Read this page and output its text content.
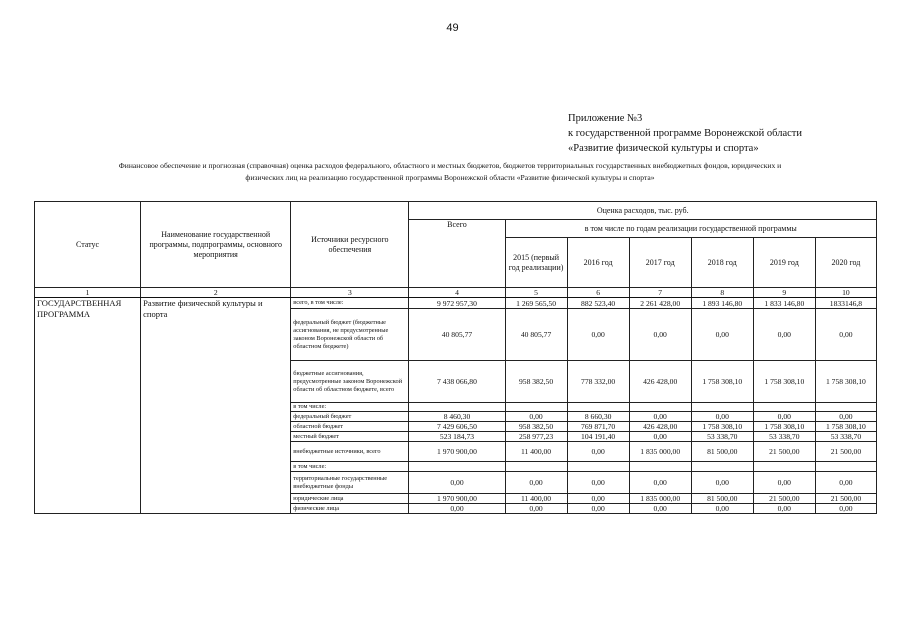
49
Приложение №3
к государственной программе Воронежской области
«Развитие физической культуры и спорта»
Финансовое обеспечение и прогнозная (справочная) оценка расходов федерального, областного и местных бюджетов, бюджетов территориальных государственных внебюджетных фондов, юридических и
физических лиц на реализацию государственной программы Воронежской области «Развитие физической культуры и спорта»
Статус	Наименование государственной программы, подпрограммы, основного мероприятия	Источники ресурсного обеспечения	Оценка расходов, тыс. руб.						
			Всего	в том числе по годам реализации государственной программы					
				2015 (первый год реализации)	2016 год	2017 год	2018 год	2019 год	2020 год
1	2	3	4	5	6	7	8	9	10
ГОСУДАРСТВЕННАЯ ПРОГРАММА	Развитие физической культуры и спорта	всего, в том числе:	9 972 957,30	1 269 565,50	882 523,40	2 261 428,00	1 893 146,80	1 833 146,80	1833146,8
		федеральный бюджет (бюджетные ассигнования, не предусмотренные законом Воронежской области об областном бюджете)	40 805,77	40 805,77	0,00	0,00	0,00	0,00	0,00
		бюджетные ассигнования, предусмотренные законом Воронежской области об областном бюджете, всего	7 438 066,80	958 382,50	778 332,00	426 428,00	1 758 308,10	1 758 308,10	1 758 308,10
		в том числе:							
		федеральный бюджет	8 460,30	0,00	8 660,30	0,00	0,00	0,00	0,00
		областной бюджет	7 429 606,50	958 382,50	769 871,70	426 428,00	1 758 308,10	1 758 308,10	1 758 308,10
		местный бюджет	523 184,73	258 977,23	104 191,40	0,00	53 338,70	53 338,70	53 338,70
		внебюджетные источники, всего	1 970 900,00	11 400,00	0,00	1 835 000,00	81 500,00	21 500,00	21 500,00
		в том числе:							
		территориальные государственные внебюджетные фонды	0,00	0,00	0,00	0,00	0,00	0,00	0,00
		юридические лица	1 970 900,00	11 400,00	0,00	1 835 000,00	81 500,00	21 500,00	21 500,00
		физические лица	0,00	0,00	0,00	0,00	0,00	0,00	0,00
